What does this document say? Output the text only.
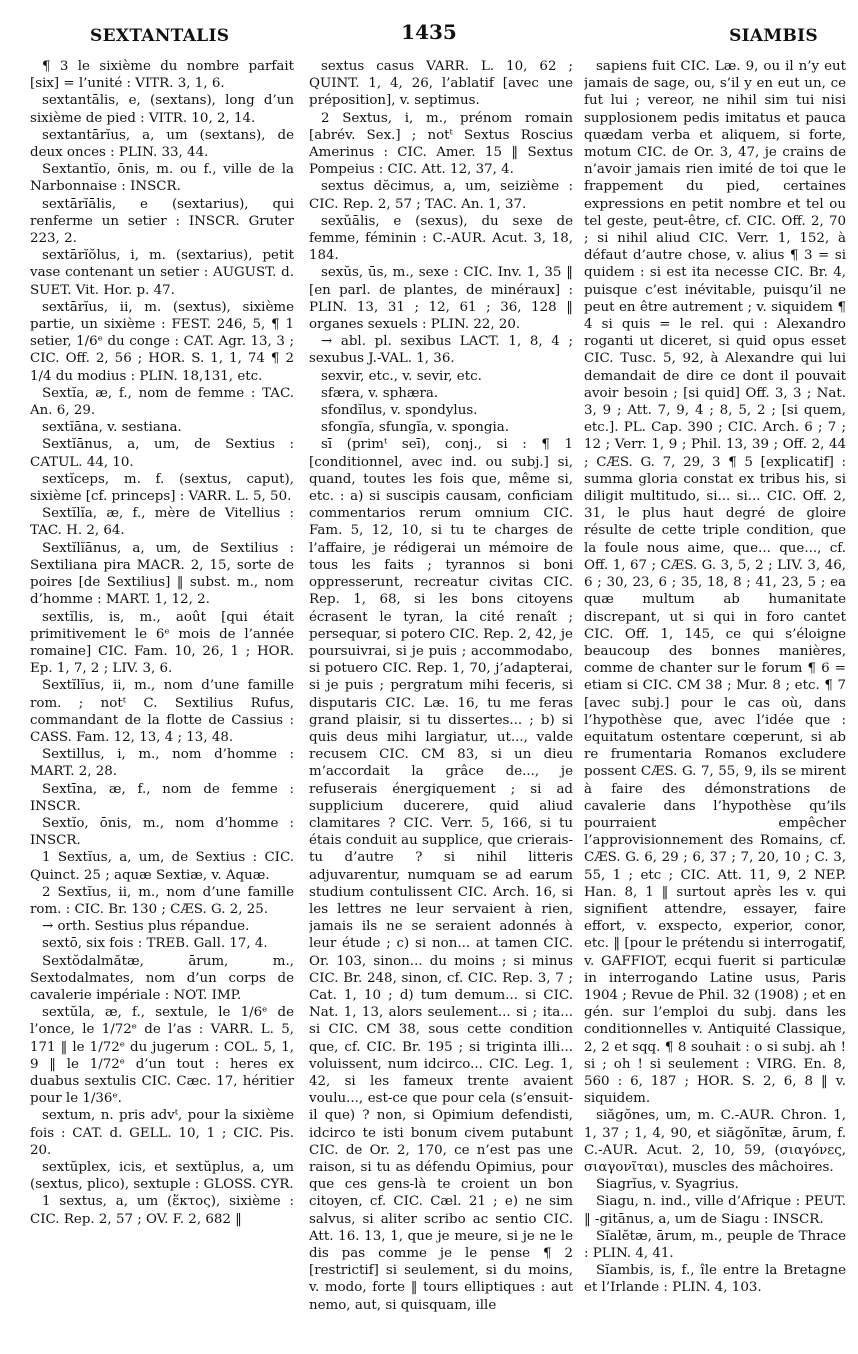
SEXTANTALIS	1435	SIAMBIS

¶ 3 le sixième du nombre parfait [six] = l’unité : VITR. 3, 1, 6.

sextantālis, e, (sextans), long d’un sixième de pied : VITR. 10, 2, 14.

sextantārĭus, a, um (sextans), de deux onces : PLIN. 33, 44.

Sextantĭo, ōnis, m. ou f., ville de la Narbonnaise : INSCR.

sextārĭālis, e (sextarius), qui renferme un setier : INSCR. Gruter 223, 2.

sextārĭŏlus, i, m. (sextarius), petit vase contenant un setier : AUGUST. d. SUET. Vit. Hor. p. 47.

sextārĭus, ii, m. (sextus), sixième partie, un sixième : FEST. 246, 5, ¶ 1 setier, 1/6ᵉ du conge : CAT. Agr. 13, 3 ; CIC. Off. 2, 56 ; HOR. S. 1, 1, 74 ¶ 2 1/4 du modius : PLIN. 18,131, etc.

Sextĭa, æ, f., nom de femme : TAC. An. 6, 29.

sextĭāna, v. sestiana.

Sextĭānus, a, um, de Sextius : CATUL. 44, 10.

sextĭceps, m. f. (sextus, caput), sixième [cf. princeps] : VARR. L. 5, 50.

Sextĭlĭa, æ, f., mère de Vitellius : TAC. H. 2, 64.

Sextĭlĭānus, a, um, de Sextilius : Sextiliana pira MACR. 2, 15, sorte de poires [de Sextilius] ‖ subst. m., nom d’homme : MART. 1, 12, 2.

sextĭlis, is, m., août [qui était primitivement le 6ᵉ mois de l’année romaine] CIC. Fam. 10, 26, 1 ; HOR. Ep. 1, 7, 2 ; LIV. 3, 6.

Sextĭlĭus, ii, m., nom d’une famille rom. ; notᵗ C. Sextilius Rufus, commandant de la flotte de Cassius : CASS. Fam. 12, 13, 4 ; 13, 48.

Sextillus, i, m., nom d’homme : MART. 2, 28.

Sextīna, æ, f., nom de femme : INSCR.

Sextĭo, ōnis, m., nom d’homme : INSCR.

1 Sextĭus, a, um, de Sextius : CIC. Quinct. 25 ; aquæ Sextiæ, v. Aquæ.

2 Sextĭus, ii, m., nom d’une famille rom. : CIC. Br. 130 ; CÆS. G. 2, 25.

→ orth. Sestius plus répandue.

sextō, six fois : TREB. Gall. 17, 4.

Sextŏdalmătæ, ārum, m., Sextodalmates, nom d’un corps de cavalerie impériale : NOT. IMP.

sextŭla, æ, f., sextule, le 1/6ᵉ de l’once, le 1/72ᵉ de l’as : VARR. L. 5, 171 ‖ le 1/72ᵉ du jugerum : COL. 5, 1, 9 ‖ le 1/72ᵉ d’un tout : heres ex duabus sextulis CIC. Cæc. 17, héritier pour le 1/36ᵉ.

sextum, n. pris advᵗ, pour la sixième fois : CAT. d. GELL. 10, 1 ; CIC. Pis. 20.

sextŭplex, icis, et sextŭplus, a, um (sextus, plico), sextuple : GLOSS. CYR.

1 sextus, a, um (ἕκτος), sixième : CIC. Rep. 2, 57 ; OV. F. 2, 682 ‖

sextus casus VARR. L. 10, 62 ; QUINT. 1, 4, 26, l’ablatif [avec une préposition], v. septimus.

2 Sextus, i, m., prénom romain [abrév. Sex.] ; notᵗ Sextus Roscius Amerinus : CIC. Amer. 15 ‖ Sextus Pompeius : CIC. Att. 12, 37, 4.

sextus dĕcimus, a, um, seizième : CIC. Rep. 2, 57 ; TAC. An. 1, 37.

sexŭālis, e (sexus), du sexe de femme, féminin : C.-AUR. Acut. 3, 18, 184.

sexŭs, ūs, m., sexe : CIC. Inv. 1, 35 ‖ [en parl. de plantes, de minéraux] : PLIN. 13, 31 ; 12, 61 ; 36, 128 ‖ organes sexuels : PLIN. 22, 20.

→ abl. pl. sexibus LACT. 1, 8, 4 ; sexubus J.-VAL. 1, 36.

sexvir, etc., v. sevir, etc.

sfæra, v. sphæra.

sfondĭlus, v. spondylus.

sfongĭa, sfungĭa, v. spongia.

sī (primᵗ seī), conj., si : ¶ 1 [conditionnel, avec ind. ou subj.] si, quand, toutes les fois que, même si, etc. : a) si suscipis causam, conficiam commentarios rerum omnium CIC. Fam. 5, 12, 10, si tu te charges de l’affaire, je rédigerai un mémoire de tous les faits ; tyrannos si boni oppresserunt, recreatur civitas CIC. Rep. 1, 68, si les bons citoyens écrasent le tyran, la cité renaît ; persequar, si potero CIC. Rep. 2, 42, je poursuivrai, si je puis ; accommodabo, si potuero CIC. Rep. 1, 70, j’adapterai, si je puis ; pergratum mihi feceris, si disputaris CIC. Læ. 16, tu me feras grand plaisir, si tu dissertes... ; b) si quis deus mihi largiatur, ut..., valde recusem CIC. CM 83, si un dieu m’accordait la grâce de..., je refuserais énergiquement ; si ad supplicium ducerere, quid aliud clamitares ? CIC. Verr. 5, 166, si tu étais conduit au supplice, que crierais-tu d’autre ? si nihil litteris adjuvarentur, numquam se ad earum studium contulissent CIC. Arch. 16, si les lettres ne leur servaient à rien, jamais ils ne se seraient adonnés à leur étude ; c) si non... at tamen CIC. Or. 103, sinon... du moins ; si minus CIC. Br. 248, sinon, cf. CIC. Rep. 3, 7 ; Cat. 1, 10 ; d) tum demum... si CIC. Nat. 1, 13, alors seulement... si ; ita... si CIC. CM 38, sous cette condition que, cf. CIC. Br. 195 ; si triginta illi... voluissent, num idcirco... CIC. Leg. 1, 42, si les fameux trente avaient voulu..., est-ce que pour cela (s’ensuit-il que) ? non, si Opimium defendisti, idcirco te isti bonum civem putabunt CIC. de Or. 2, 170, ce n’est pas une raison, si tu as défendu Opimius, pour que ces gens-là te croient un bon citoyen, cf. CIC. Cæl. 21 ; e) ne sim salvus, si aliter scribo ac sentio CIC. Att. 16. 13, 1, que je meure, si je ne le dis pas comme je le pense ¶ 2 [restrictif] si seulement, si du moins, v. modo, forte ‖ tours elliptiques : aut nemo, aut, si quisquam, ille

sapiens fuit CIC. Læ. 9, ou il n’y eut jamais de sage, ou, s’il y en eut un, ce fut lui ; vereor, ne nihil sim tui nisi supplosionem pedis imitatus et pauca quædam verba et aliquem, si forte, motum CIC. de Or. 3, 47, je crains de n’avoir jamais rien imité de toi que le frappement du pied, certaines expressions en petit nombre et tel ou tel geste, peut-être, cf. CIC. Off. 2, 70 ; si nihil aliud CIC. Verr. 1, 152, à défaut d’autre chose, v. alius ¶ 3 = si quidem : si est ita necesse CIC. Br. 4, puisque c’est inévitable, puisqu’il ne peut en être autrement ; v. siquidem ¶ 4 si quis = le rel. qui : Alexandro roganti ut diceret, si quid opus esset CIC. Tusc. 5, 92, à Alexandre qui lui demandait de dire ce dont il pouvait avoir besoin ; [si quid] Off. 3, 3 ; Nat. 3, 9 ; Att. 7, 9, 4 ; 8, 5, 2 ; [si quem, etc.]. PL. Cap. 390 ; CIC. Arch. 6 ; 7 ; 12 ; Verr. 1, 9 ; Phil. 13, 39 ; Off. 2, 44 ; CÆS. G. 7, 29, 3 ¶ 5 [explicatif] : summa gloria constat ex tribus his, si diligit multitudo, si... si... CIC. Off. 2, 31, le plus haut degré de gloire résulte de cette triple condition, que la foule nous aime, que... que..., cf. Off. 1, 67 ; CÆS. G. 3, 5, 2 ; LIV. 3, 46, 6 ; 30, 23, 6 ; 35, 18, 8 ; 41, 23, 5 ; ea quæ multum ab humanitate discrepant, ut si qui in foro cantet CIC. Off. 1, 145, ce qui s’éloigne beaucoup des bonnes manières, comme de chanter sur le forum ¶ 6 = etiam si CIC. CM 38 ; Mur. 8 ; etc. ¶ 7 [avec subj.] pour le cas où, dans l’hypothèse que, avec l’idée que : equitatum ostentare cœperunt, si ab re frumentaria Romanos excludere possent CÆS. G. 7, 55, 9, ils se mirent à faire des démonstrations de cavalerie dans l’hypothèse qu’ils pourraient empêcher l’approvisionnement des Romains, cf. CÆS. G. 6, 29 ; 6, 37 ; 7, 20, 10 ; C. 3, 55, 1 ; etc ; CIC. Att. 11, 9, 2 NEP. Han. 8, 1 ‖ surtout après les v. qui signifient attendre, essayer, faire effort, v. exspecto, experior, conor, etc. ‖ [pour le prétendu si interrogatif, v. GAFFIOT, ecqui fuerit si particulæ in interrogando Latine usus, Paris 1904 ; Revue de Phil. 32 (1908) ; et en gén. sur l’emploi du subj. dans les conditionnelles v. Antiquité Classique, 2, 2 et sqq. ¶ 8 souhait : o si subj. ah ! si ; oh ! si seulement : VIRG. En. 8, 560 : 6, 187 ; HOR. S. 2, 6, 8 ‖ v. siquidem.

siăgŏnes, um, m. C.-AUR. Chron. 1, 1, 37 ; 1, 4, 90, et siăgŏnītæ, ārum, f. C.-AUR. Acut. 2, 10, 59, (σιαγόνες, σιαγονῖται), muscles des mâchoires.

Siagrĭus, v. Syagrius.

Siagu, n. ind., ville d’Afrique : PEUT. ‖ -gitānus, a, um de Siagu : INSCR.

Sĭalĕtæ, ārum, m., peuple de Thrace : PLIN. 4, 41.

Sĭambis, is, f., île entre la Bretagne et l’Irlande : PLIN. 4, 103.
